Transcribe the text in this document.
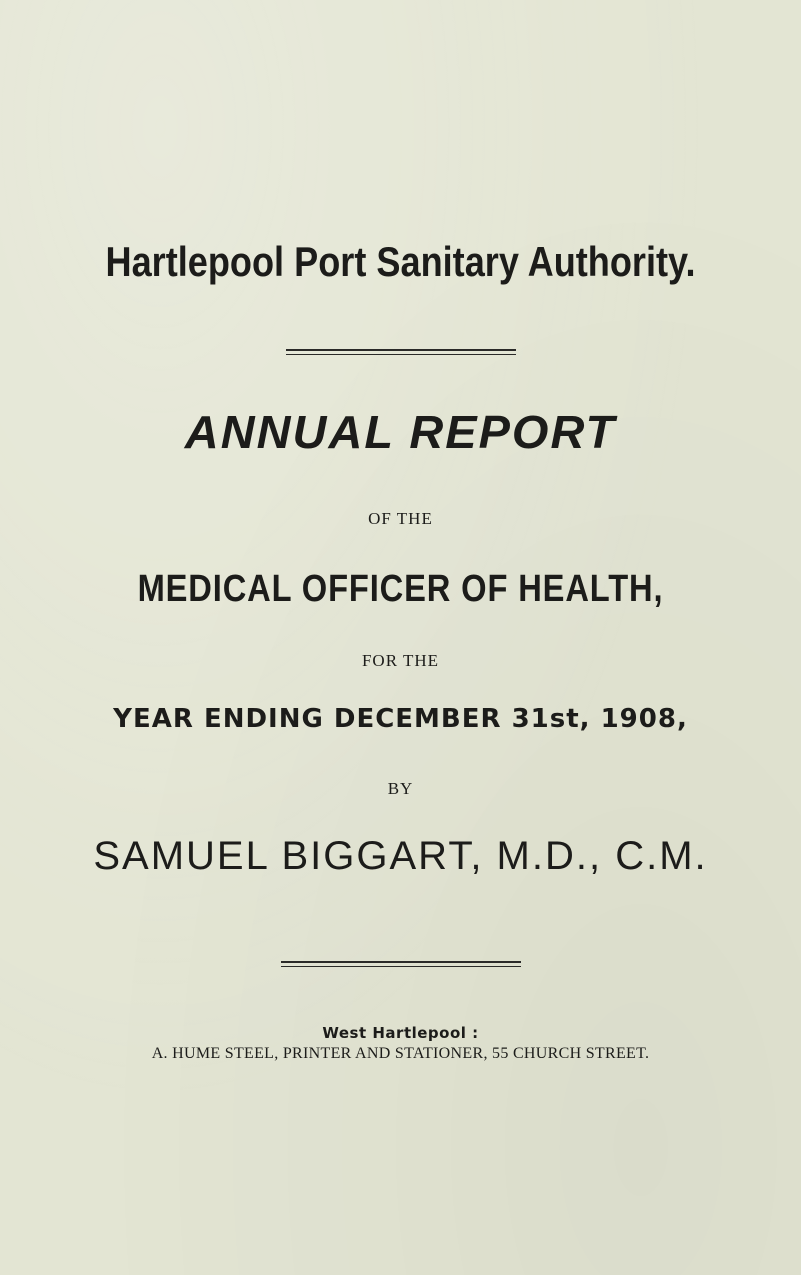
Hartlepool Port Sanitary Authority.
ANNUAL REPORT
OF THE
MEDICAL OFFICER OF HEALTH,
FOR THE
YEAR ENDING DECEMBER 31st, 1908,
BY
SAMUEL BIGGART, M.D., C.M.
West Hartlepool :
A. HUME STEEL, PRINTER AND STATIONER, 55 CHURCH STREET.
